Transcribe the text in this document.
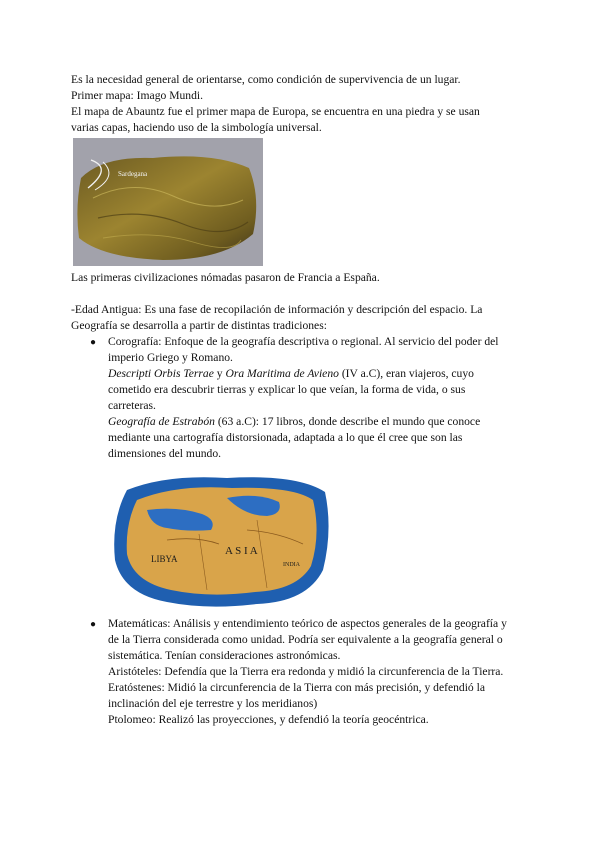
Es la necesidad general de orientarse, como condición de supervivencia de un lugar.

Primer mapa: Imago Mundi.

El mapa de Abauntz fue el primer mapa de Europa, se encuentra en una piedra y se usan

varias capas, haciendo uso de la simbología universal.

Sardegana

Las primeras civilizaciones nómadas pasaron de Francia a España.

-Edad Antigua: Es una fase de recopilación de información y descripción del espacio. La

Geografía se desarrolla a partir de distintas tradiciones:

● Corografía: Enfoque de la geografía descriptiva o regional. Al servicio del poder del

imperio Griego y Romano.

Descripti Orbis Terrae y Ora Maritima de Avieno (IV a.C), eran viajeros, cuyo

cometido era descubrir tierras y explicar lo que veían, la forma de vida, o sus

carreteras.

Geografía de Estrabón (63 a.C): 17 libros, donde describe el mundo que conoce

mediante una cartografía distorsionada, adaptada a lo que él cree que son las

dimensiones del mundo.

LIBYA
A S I A
INDIA
● Matemáticas: Análisis y entendimiento teórico de aspectos generales de la geografía y

de la Tierra considerada como unidad. Podría ser equivalente a la geografía general o

sistemática. Tenían consideraciones astronómicas.

Aristóteles: Defendía que la Tierra era redonda y midió la circunferencia de la Tierra.

Eratóstenes: Midió la circunferencia de la Tierra con más precisión, y defendió la

inclinación del eje terrestre y los meridianos)

Ptolomeo: Realizó las proyecciones, y defendió la teoría geocéntrica.
